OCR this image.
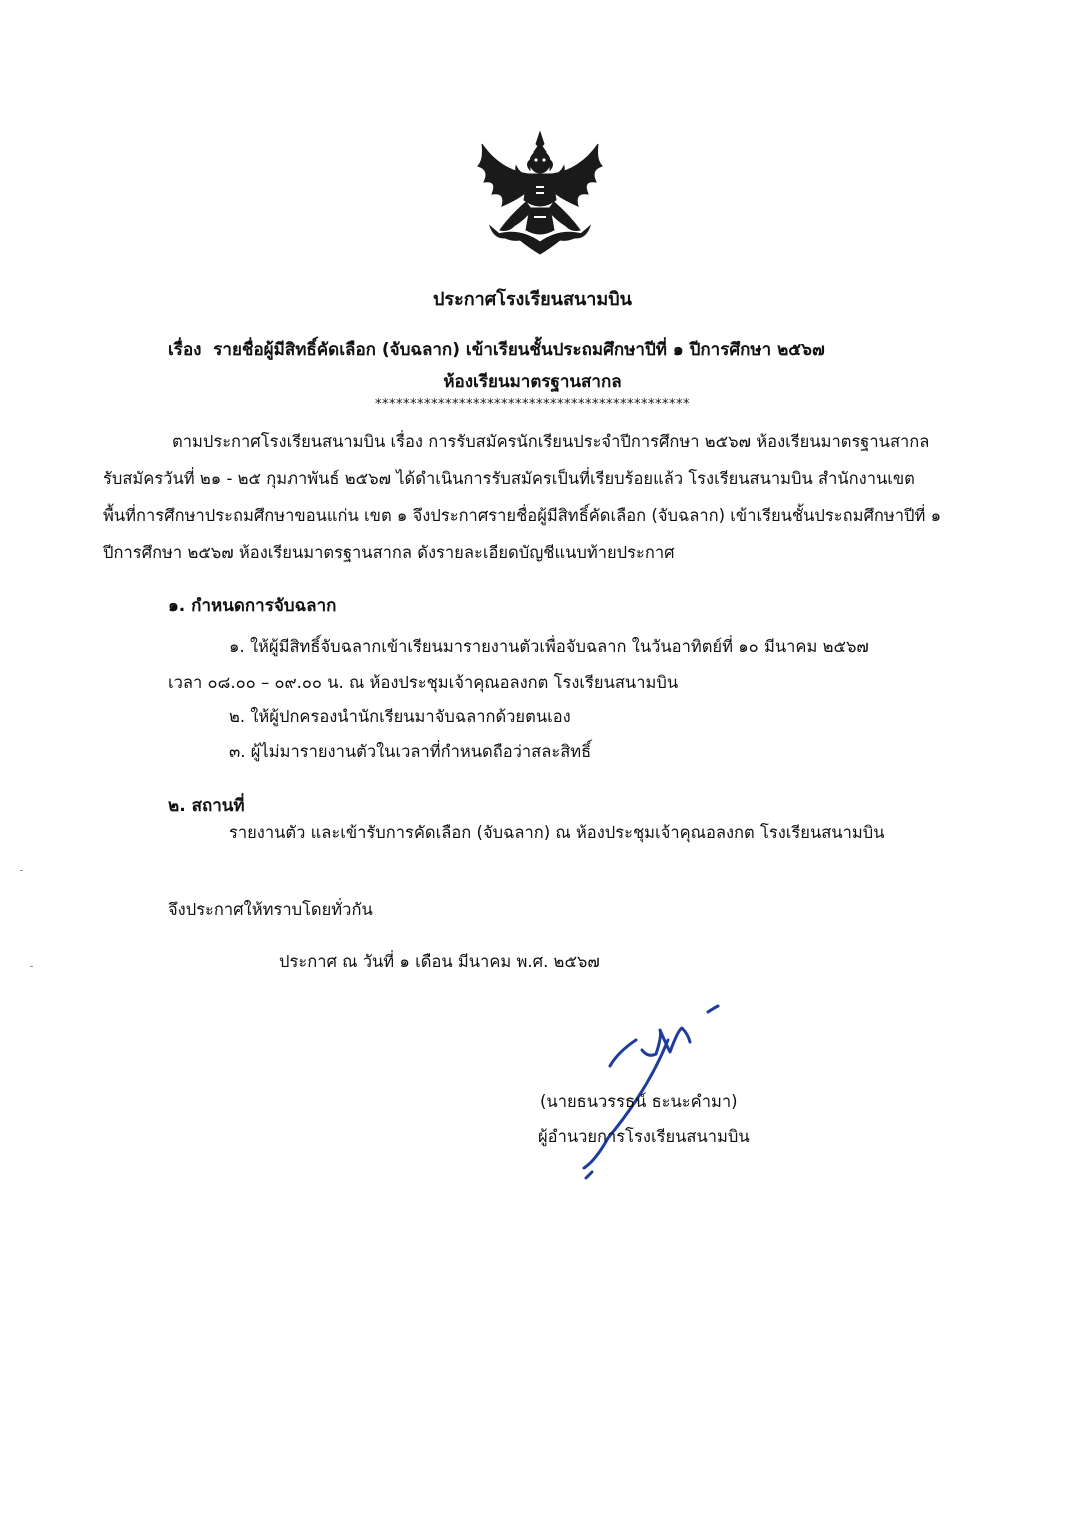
ประกาศโรงเรียนสนามบิน
เรื่อง รายชื่อผู้มีสิทธิ์คัดเลือก (จับฉลาก) เข้าเรียนชั้นประถมศึกษาปีที่ ๑ ปีการศึกษา ๒๕๖๗
ห้องเรียนมาตรฐานสากล
*********************************************
ตามประกาศโรงเรียนสนามบิน เรื่อง การรับสมัครนักเรียนประจำปีการศึกษา ๒๕๖๗ ห้องเรียนมาตรฐานสากล
รับสมัครวันที่ ๒๑ - ๒๕ กุมภาพันธ์ ๒๕๖๗ ได้ดำเนินการรับสมัครเป็นที่เรียบร้อยแล้ว โรงเรียนสนามบิน สำนักงานเขต
พื้นที่การศึกษาประถมศึกษาขอนแก่น เขต ๑ จึงประกาศรายชื่อผู้มีสิทธิ์คัดเลือก (จับฉลาก) เข้าเรียนชั้นประถมศึกษาปีที่ ๑
ปีการศึกษา ๒๕๖๗ ห้องเรียนมาตรฐานสากล ดังรายละเอียดบัญชีแนบท้ายประกาศ
๑. กำหนดการจับฉลาก
๑. ให้ผู้มีสิทธิ์จับฉลากเข้าเรียนมารายงานตัวเพื่อจับฉลาก ในวันอาทิตย์ที่ ๑๐ มีนาคม ๒๕๖๗
เวลา ๐๘.๐๐ – ๐๙.๐๐ น. ณ ห้องประชุมเจ้าคุณอลงกต โรงเรียนสนามบิน
๒. ให้ผู้ปกครองนำนักเรียนมาจับฉลากด้วยตนเอง
๓. ผู้ไม่มารายงานตัวในเวลาที่กำหนดถือว่าสละสิทธิ์
๒. สถานที่
รายงานตัว และเข้ารับการคัดเลือก (จับฉลาก) ณ ห้องประชุมเจ้าคุณอลงกต โรงเรียนสนามบิน
จึงประกาศให้ทราบโดยทั่วกัน
ประกาศ ณ วันที่ ๑ เดือน มีนาคม พ.ศ. ๒๕๖๗
(นายธนวรรธน์ ธะนะคำมา)
ผู้อำนวยการโรงเรียนสนามบิน
